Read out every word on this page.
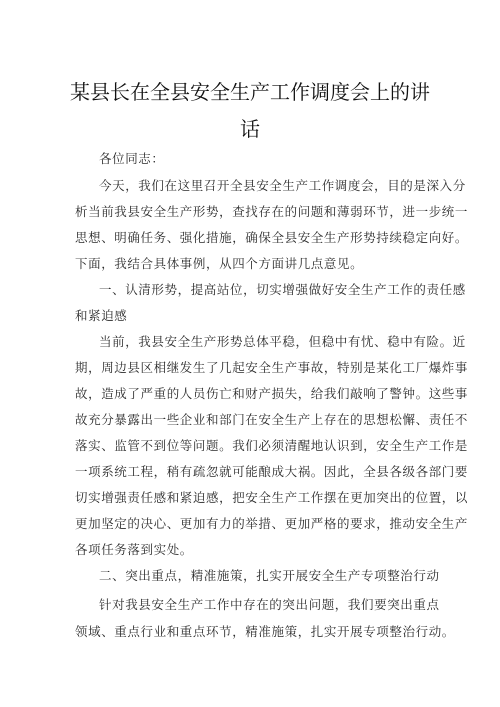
某县长在全县安全生产工作调度会上的讲
话
各位同志：
今天，我们在这里召开全县安全生产工作调度会，目的是深入分
析当前我县安全生产形势，查找存在的问题和薄弱环节，进一步统一
思想、明确任务、强化措施，确保全县安全生产形势持续稳定向好。
下面，我结合具体事例，从四个方面讲几点意见。
一、认清形势，提高站位，切实增强做好安全生产工作的责任感
和紧迫感
当前，我县安全生产形势总体平稳，但稳中有忧、稳中有险。近
期，周边县区相继发生了几起安全生产事故，特别是某化工厂爆炸事
故，造成了严重的人员伤亡和财产损失，给我们敲响了警钟。这些事
故充分暴露出一些企业和部门在安全生产上存在的思想松懈、责任不
落实、监管不到位等问题。我们必须清醒地认识到，安全生产工作是
一项系统工程，稍有疏忽就可能酿成大祸。因此，全县各级各部门要
切实增强责任感和紧迫感，把安全生产工作摆在更加突出的位置，以
更加坚定的决心、更加有力的举措、更加严格的要求，推动安全生产
各项任务落到实处。
二、突出重点，精准施策，扎实开展安全生产专项整治行动
针对我县安全生产工作中存在的突出问题，我们要突出重点
领域、重点行业和重点环节，精准施策，扎实开展专项整治行动。
